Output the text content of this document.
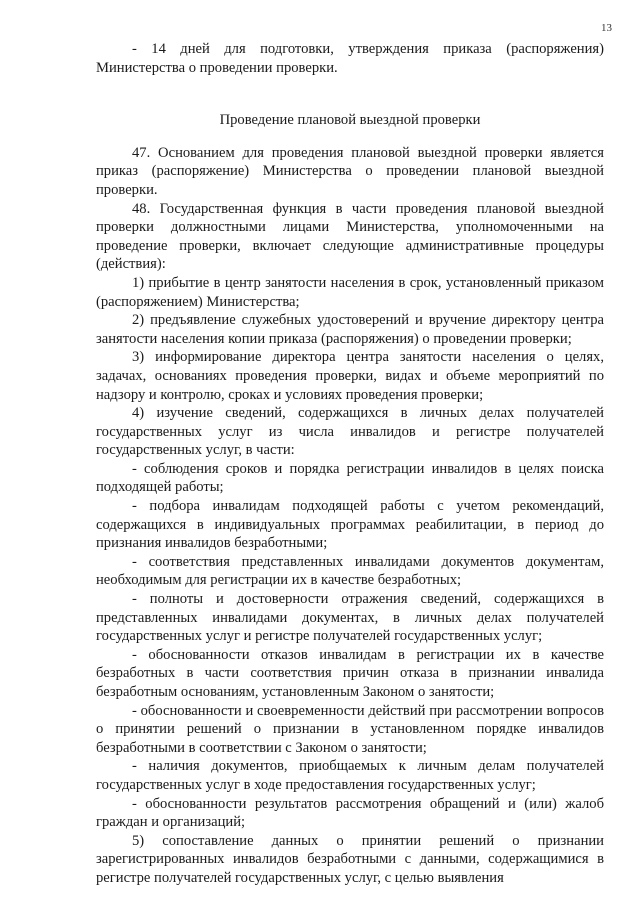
13

- 14 дней для подготовки, утверждения приказа (распоряжения) Министерства о проведении проверки.

Проведение плановой выездной проверки

47. Основанием для проведения плановой выездной проверки является приказ (распоряжение) Министерства о проведении плановой выездной проверки.

48. Государственная функция в части проведения плановой выездной проверки должностными лицами Министерства, уполномоченными на проведение проверки, включает следующие административные процедуры (действия):

1) прибытие в центр занятости населения в срок, установленный приказом (распоряжением) Министерства;

2) предъявление служебных удостоверений и вручение директору центра занятости населения копии приказа (распоряжения) о проведении проверки;

3) информирование директора центра занятости населения о целях, задачах, основаниях проведения проверки, видах и объеме мероприятий по надзору и контролю, сроках и условиях проведения проверки;

4) изучение сведений, содержащихся в личных делах получателей государственных услуг из числа инвалидов и регистре получателей государственных услуг, в части:

- соблюдения сроков и порядка регистрации инвалидов в целях поиска подходящей работы;

- подбора инвалидам подходящей работы с учетом рекомендаций, содержащихся в индивидуальных программах реабилитации, в период до признания инвалидов безработными;

- соответствия представленных инвалидами документов документам, необходимым для регистрации их в качестве безработных;

- полноты и достоверности отражения сведений, содержащихся в представленных инвалидами документах, в личных делах получателей государственных услуг и регистре получателей государственных услуг;

- обоснованности отказов инвалидам в регистрации их в качестве безработных в части соответствия причин отказа в признании инвалида безработным основаниям, установленным Законом о занятости;

- обоснованности и своевременности действий при рассмотрении вопросов о принятии решений о признании в установленном порядке инвалидов безработными в соответствии с Законом о занятости;

- наличия документов, приобщаемых к личным делам получателей государственных услуг в ходе предоставления государственных услуг;

- обоснованности результатов рассмотрения обращений и (или) жалоб граждан и организаций;

5) сопоставление данных о принятии решений о признании зарегистрированных инвалидов безработными с данными, содержащимися в регистре получателей государственных услуг, с целью выявления
